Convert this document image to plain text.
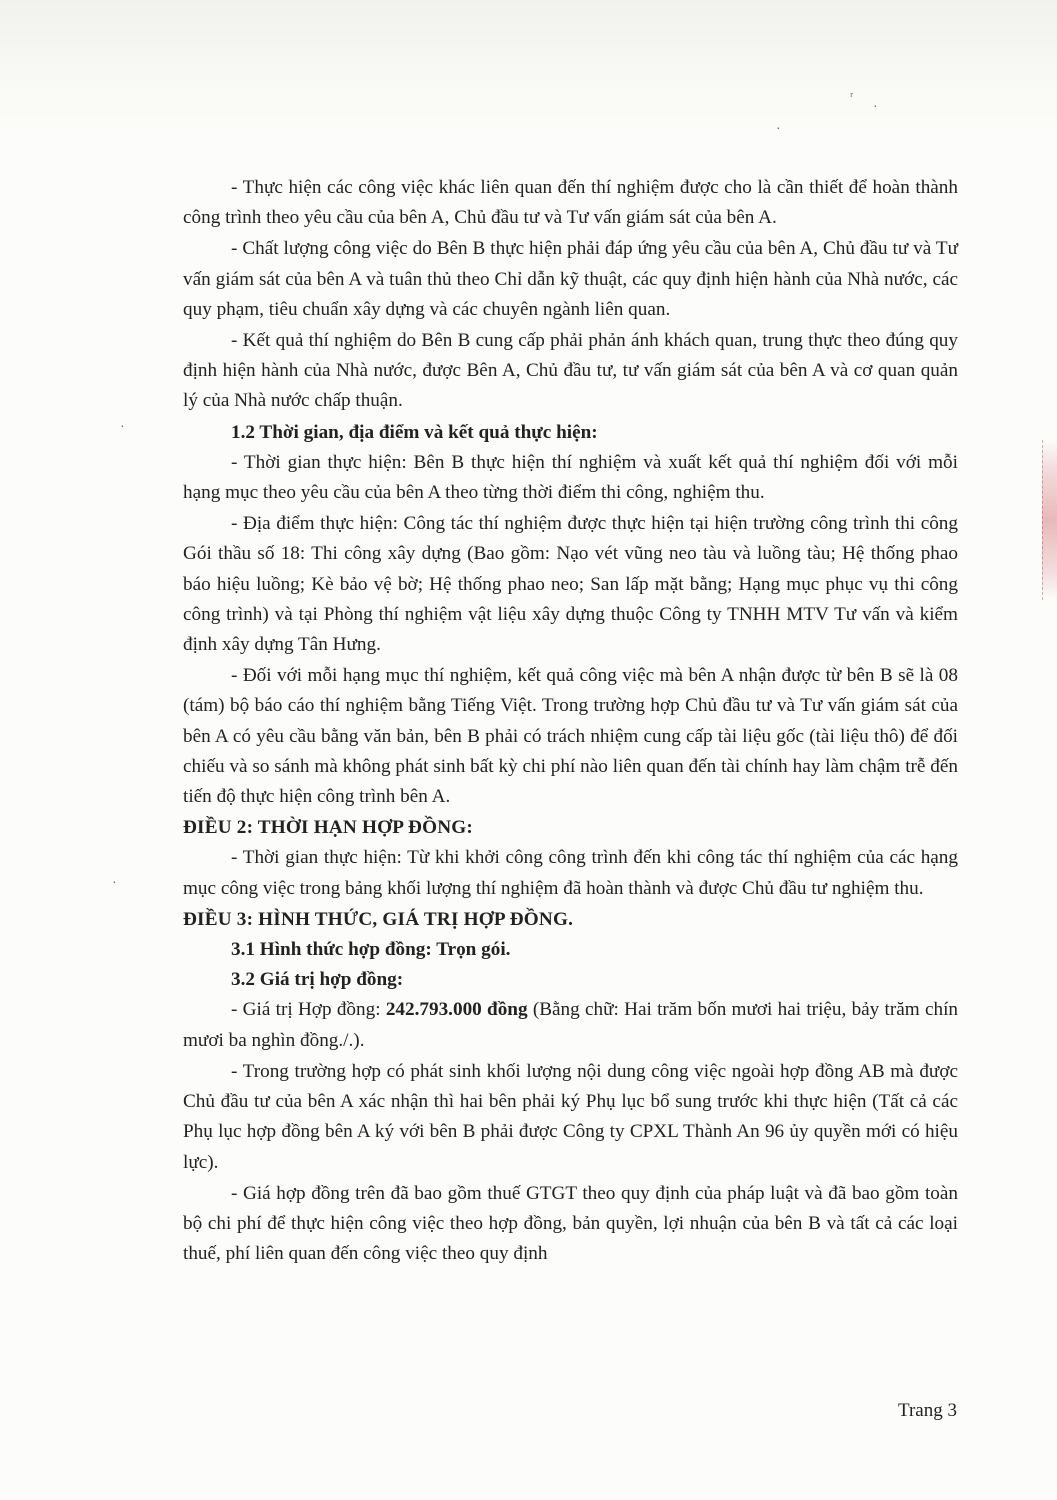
ʳ
·
·
·
·

- Thực hiện các công việc khác liên quan đến thí nghiệm được cho là cần thiết để hoàn thành công trình theo yêu cầu của bên A, Chủ đầu tư và Tư vấn giám sát của bên A.

- Chất lượng công việc do Bên B thực hiện phải đáp ứng yêu cầu của bên A, Chủ đầu tư và Tư vấn giám sát của bên A và tuân thủ theo Chỉ dẫn kỹ thuật, các quy định hiện hành của Nhà nước, các quy phạm, tiêu chuẩn xây dựng và các chuyên ngành liên quan.

- Kết quả thí nghiệm do Bên B cung cấp phải phản ánh khách quan, trung thực theo đúng quy định hiện hành của Nhà nước, được Bên A, Chủ đầu tư, tư vấn giám sát của bên A và cơ quan quản lý của Nhà nước chấp thuận.

1.2 Thời gian, địa điểm và kết quả thực hiện:

- Thời gian thực hiện: Bên B thực hiện thí nghiệm và xuất kết quả thí nghiệm đối với mỗi hạng mục theo yêu cầu của bên A theo từng thời điểm thi công, nghiệm thu.

- Địa điểm thực hiện: Công tác thí nghiệm được thực hiện tại hiện trường công trình thi công Gói thầu số 18: Thi công xây dựng (Bao gồm: Nạo vét vũng neo tàu và luồng tàu; Hệ thống phao báo hiệu luồng; Kè bảo vệ bờ; Hệ thống phao neo; San lấp mặt bằng; Hạng mục phục vụ thi công công trình) và tại Phòng thí nghiệm vật liệu xây dựng thuộc Công ty TNHH MTV Tư vấn và kiểm định xây dựng Tân Hưng.

- Đối với mỗi hạng mục thí nghiệm, kết quả công việc mà bên A nhận được từ bên B sẽ là 08 (tám) bộ báo cáo thí nghiệm bằng Tiếng Việt. Trong trường hợp Chủ đầu tư và Tư vấn giám sát của bên A có yêu cầu bằng văn bản, bên B phải có trách nhiệm cung cấp tài liệu gốc (tài liệu thô) để đối chiếu và so sánh mà không phát sinh bất kỳ chi phí nào liên quan đến tài chính hay làm chậm trễ đến tiến độ thực hiện công trình bên A.

ĐIỀU 2: THỜI HẠN HỢP ĐỒNG:

- Thời gian thực hiện: Từ khi khởi công công trình đến khi công tác thí nghiệm của các hạng mục công việc trong bảng khối lượng thí nghiệm đã hoàn thành và được Chủ đầu tư nghiệm thu.

ĐIỀU 3: HÌNH THỨC, GIÁ TRỊ HỢP ĐỒNG.

3.1 Hình thức hợp đồng: Trọn gói.

3.2 Giá trị hợp đồng:

- Giá trị Hợp đồng: 242.793.000 đồng (Bằng chữ: Hai trăm bốn mươi hai triệu, bảy trăm chín mươi ba nghìn đồng./.).

- Trong trường hợp có phát sinh khối lượng nội dung công việc ngoài hợp đồng AB mà được Chủ đầu tư của bên A xác nhận thì hai bên phải ký Phụ lục bổ sung trước khi thực hiện (Tất cả các Phụ lục hợp đồng bên A ký với bên B phải được Công ty CPXL Thành An 96 ủy quyền mới có hiệu lực).

- Giá hợp đồng trên đã bao gồm thuế GTGT theo quy định của pháp luật và đã bao gồm toàn bộ chi phí để thực hiện công việc theo hợp đồng, bản quyền, lợi nhuận của bên B và tất cả các loại thuế, phí liên quan đến công việc theo quy định

Trang 3
